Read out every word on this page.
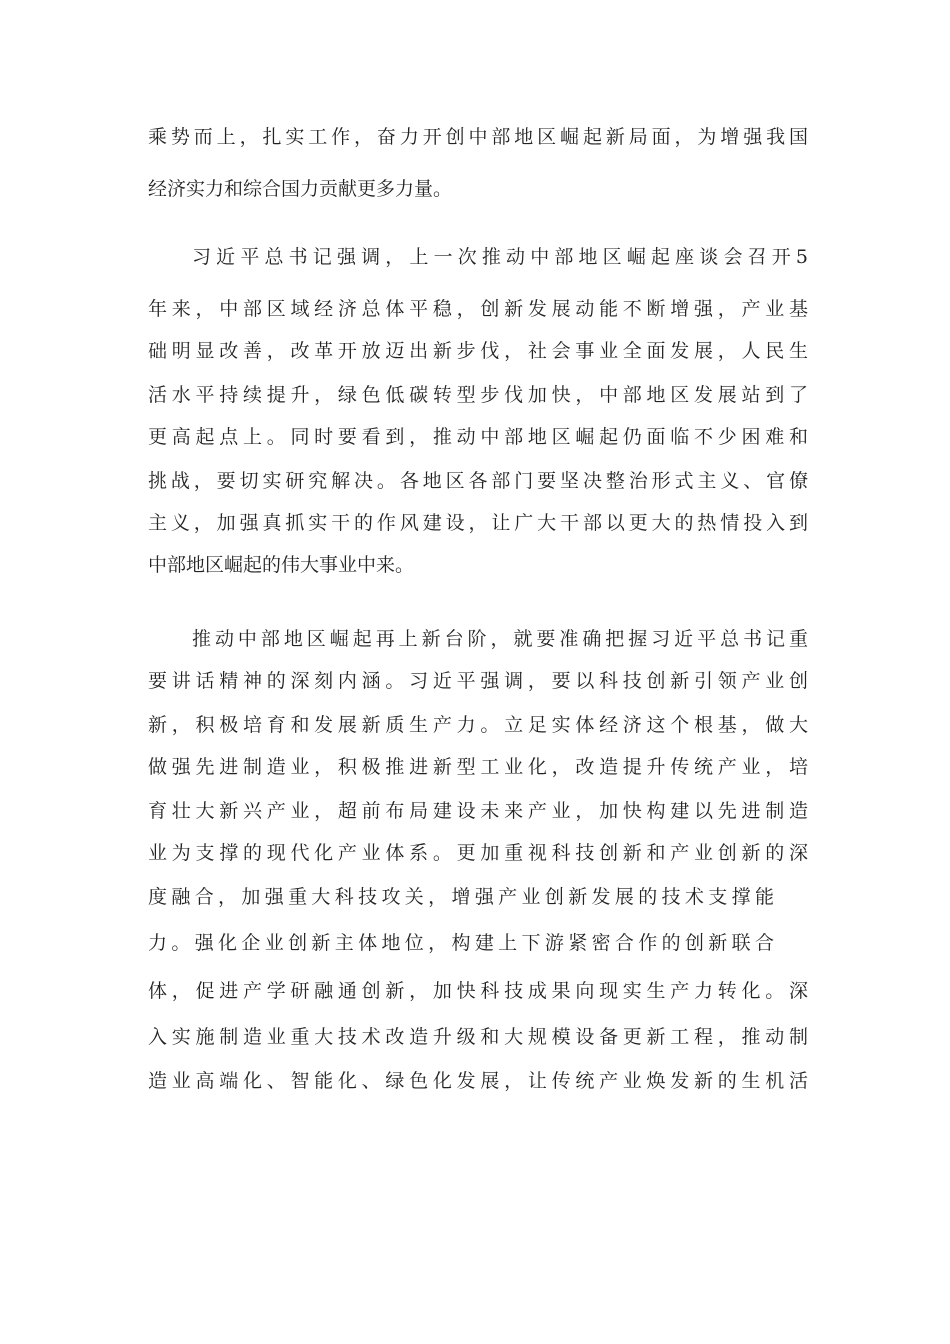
乘势而上，扎实工作，奋力开创中部地区崛起新局面，为增强我国
经济实力和综合国力贡献更多力量。
习近平总书记强调，上一次推动中部地区崛起座谈会召开5
年来，中部区域经济总体平稳，创新发展动能不断增强，产业基
础明显改善，改革开放迈出新步伐，社会事业全面发展，人民生
活水平持续提升，绿色低碳转型步伐加快，中部地区发展站到了
更高起点上。同时要看到，推动中部地区崛起仍面临不少困难和
挑战，要切实研究解决。各地区各部门要坚决整治形式主义、官僚
主义，加强真抓实干的作风建设，让广大干部以更大的热情投入到
中部地区崛起的伟大事业中来。
推动中部地区崛起再上新台阶，就要准确把握习近平总书记重
要讲话精神的深刻内涵。习近平强调，要以科技创新引领产业创
新，积极培育和发展新质生产力。立足实体经济这个根基，做大
做强先进制造业，积极推进新型工业化，改造提升传统产业，培
育壮大新兴产业，超前布局建设未来产业，加快构建以先进制造
业为支撑的现代化产业体系。更加重视科技创新和产业创新的深
度融合，加强重大科技攻关，增强产业创新发展的技术支撑能
力。强化企业创新主体地位，构建上下游紧密合作的创新联合
体，促进产学研融通创新，加快科技成果向现实生产力转化。深
入实施制造业重大技术改造升级和大规模设备更新工程，推动制
造业高端化、智能化、绿色化发展，让传统产业焕发新的生机活
